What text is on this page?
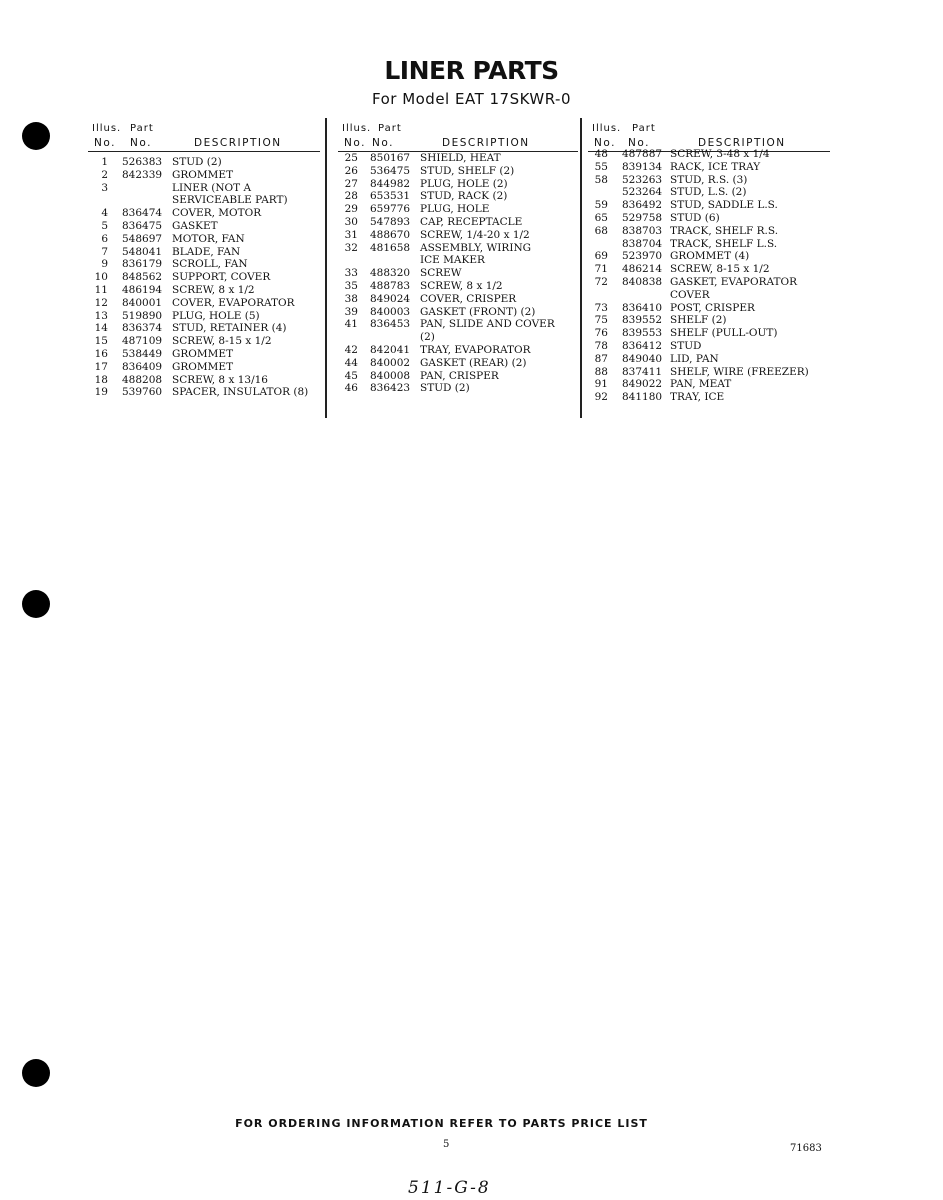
LINER PARTS
For Model EAT 17SKWR-0
Illus. Part
No. No.	DESCRIPTION
1 526383 STUD (2)
2 842339 GROMMET
3	LINER (NOT A
SERVICEABLE PART)
4 836474 COVER, MOTOR
5 836475 GASKET
6 548697 MOTOR, FAN
7 548041 BLADE, FAN
9 836179 SCROLL, FAN
10 848562 SUPPORT, COVER
11 486194 SCREW, 8 x 1/2
12 840001 COVER, EVAPORATOR
13 519890 PLUG, HOLE (5)
14 836374 STUD, RETAINER (4)
15 487109 SCREW, 8-15 x 1/2
16 538449 GROMMET
17 836409 GROMMET
18 488208 SCREW, 8 x 13/16
19 539760 SPACER, INSULATOR (8)
Illus. Part
No. No.	DESCRIPTION
25 850167 SHIELD, HEAT
26 536475 STUD, SHELF (2)
27 844982 PLUG, HOLE (2)
28 653531 STUD, RACK (2)
29 659776 PLUG, HOLE
30 547893 CAP, RECEPTACLE
31 488670 SCREW, 1/4-20 x 1/2
32 481658 ASSEMBLY, WIRING
ICE MAKER
33 488320 SCREW
35 488783 SCREW, 8 x 1/2
38 849024 COVER, CRISPER
39 840003 GASKET (FRONT) (2)
41 836453 PAN, SLIDE AND COVER
(2)
42 842041 TRAY, EVAPORATOR
44 840002 GASKET (REAR) (2)
45 840008 PAN, CRISPER
46 836423 STUD (2)
Illus. Part
No. No.	DESCRIPTION
48 487887 SCREW, 3-48 x 1/4
55 839134 RACK, ICE TRAY
58 523263 STUD, R.S. (3)
523264 STUD, L.S. (2)
59 836492 STUD, SADDLE L.S.
65 529758 STUD (6)
68 838703 TRACK, SHELF R.S.
838704 TRACK, SHELF L.S.
69 523970 GROMMET (4)
71 486214 SCREW, 8-15 x 1/2
72 840838 GASKET, EVAPORATOR
COVER
73 836410 POST, CRISPER
75 839552 SHELF (2)
76 839553 SHELF (PULL-OUT)
78 836412 STUD
87 849040 LID, PAN
88 837411 SHELF, WIRE (FREEZER)
91 849022 PAN, MEAT
92 841180 TRAY, ICE
FOR ORDERING INFORMATION REFER TO PARTS PRICE LIST
5	71683
511-G-8
